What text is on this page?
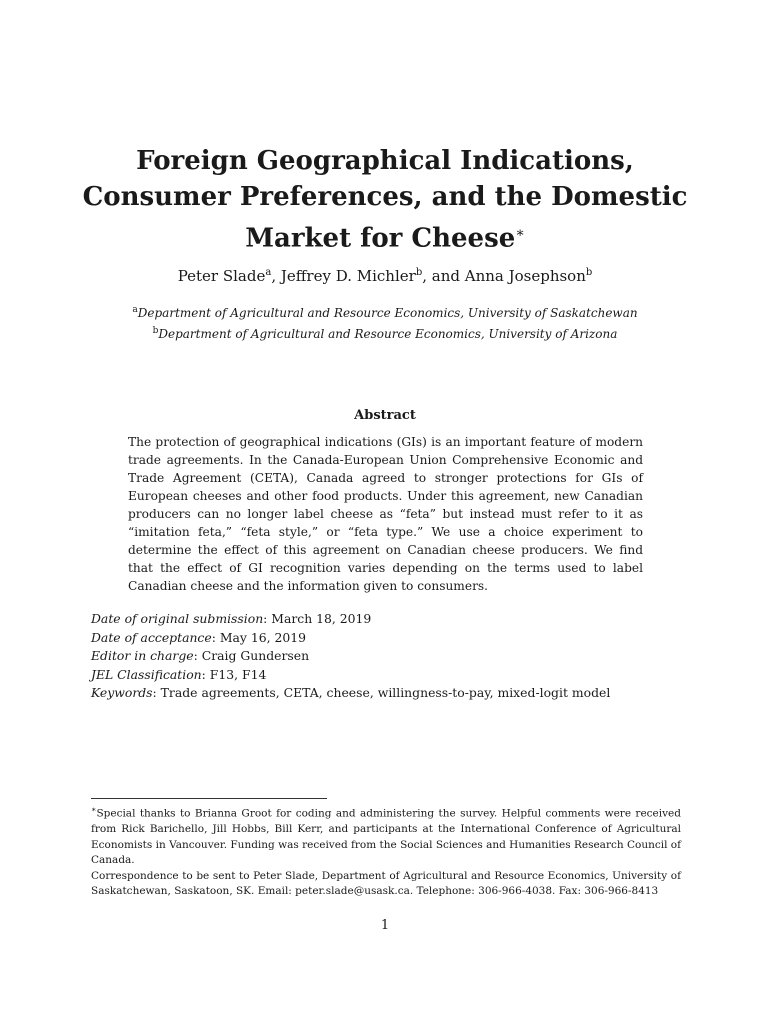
Foreign Geographical Indications, Consumer Preferences, and the Domestic Market for Cheese∗
Peter Slade$^a$, Jeffrey D. Michler$^b$, and Anna Josephson$^b$
$^a$Department of Agricultural and Resource Economics, University of Saskatchewan
$^b$Department of Agricultural and Resource Economics, University of Arizona
Abstract
The protection of geographical indications (GIs) is an important feature of modern trade agreements. In the Canada-European Union Comprehensive Economic and Trade Agreement (CETA), Canada agreed to stronger protections for GIs of European cheeses and other food products. Under this agreement, new Canadian producers can no longer label cheese as “feta” but instead must refer to it as “imitation feta,” “feta style,” or “feta type.” We use a choice experiment to determine the effect of this agreement on Canadian cheese producers. We find that the effect of GI recognition varies depending on the terms used to label Canadian cheese and the information given to consumers.
Date of original submission: March 18, 2019
Date of acceptance: May 16, 2019
Editor in charge: Craig Gundersen
JEL Classification: F13, F14
Keywords: Trade agreements, CETA, cheese, willingness-to-pay, mixed-logit model
∗Special thanks to Brianna Groot for coding and administering the survey. Helpful comments were received from Rick Barichello, Jill Hobbs, Bill Kerr, and participants at the International Conference of Agricultural Economists in Vancouver. Funding was received from the Social Sciences and Humanities Research Council of Canada.
Correspondence to be sent to Peter Slade, Department of Agricultural and Resource Economics, University of Saskatchewan, Saskatoon, SK. Email: peter.slade@usask.ca. Telephone: 306-966-4038. Fax: 306-966-8413
1
